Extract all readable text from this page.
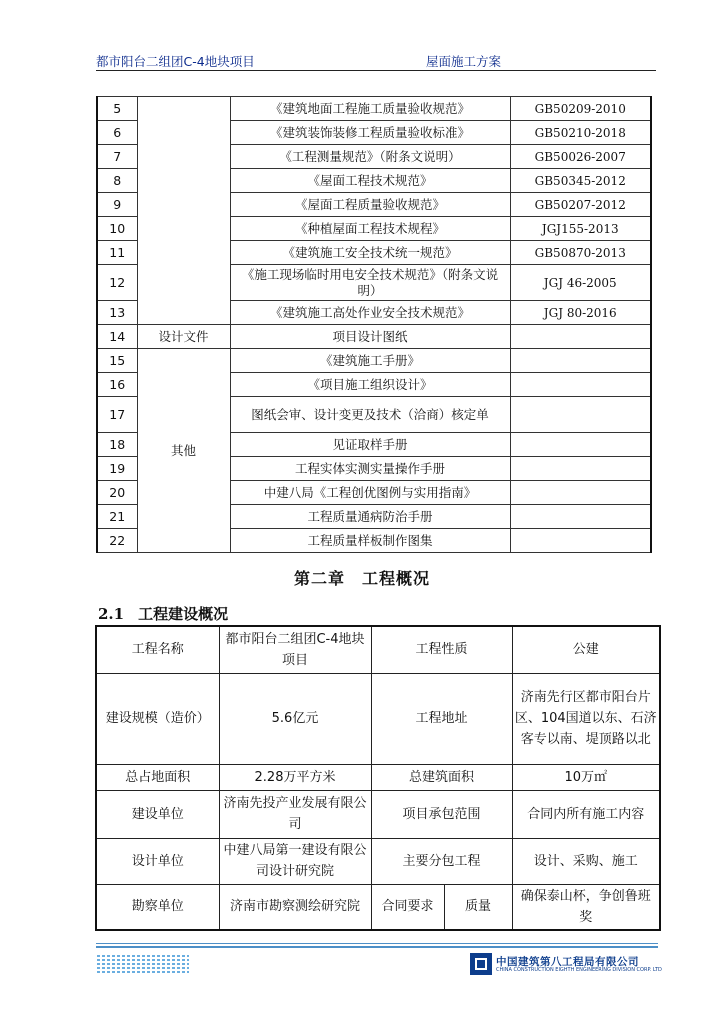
都市阳台二组团C-4地块项目	屋面施工方案
5		《建筑地面工程施工质量验收规范》	GB50209-2010
6		《建筑装饰装修工程质量验收标准》	GB50210-2018
7		《工程测量规范》（附条文说明）	GB50026-2007
8		《屋面工程技术规范》	GB50345-2012
9		《屋面工程质量验收规范》	GB50207-2012
10		《种植屋面工程技术规程》	JGJ155-2013
11		《建筑施工安全技术统一规范》	GB50870-2013
12		《施工现场临时用电安全技术规范》（附条文说明）	JGJ 46-2005
13		《建筑施工高处作业安全技术规范》	JGJ 80-2016
14	设计文件	项目设计图纸	
15	其他	《建筑施工手册》	
16		《项目施工组织设计》	
17		图纸会审、设计变更及技术（洽商）核定单	
18		见证取样手册	
19		工程实体实测实量操作手册	
20		中建八局《工程创优图例与实用指南》	
21		工程质量通病防治手册	
22		工程质量样板制作图集	
第二章　工程概况
2.1 工程建设概况
工程名称	都市阳台二组团C-4地块项目	工程性质		公建
建设规模（造价）	5.6亿元	工程地址		济南先行区都市阳台片区、104国道以东、石济客专以南、堤顶路以北
总占地面积	2.28万平方米	总建筑面积		10万㎡
建设单位	济南先投产业发展有限公司	项目承包范围		合同内所有施工内容
设计单位	中建八局第一建设有限公司设计研究院	主要分包工程		设计、采购、施工
勘察单位	济南市勘察测绘研究院	合同要求	质量	确保泰山杯，争创鲁班奖
中国建筑第八工程局有限公司
CHINA CONSTRUCTION EIGHTH ENGINEERING DIVISION CORP. LTD
